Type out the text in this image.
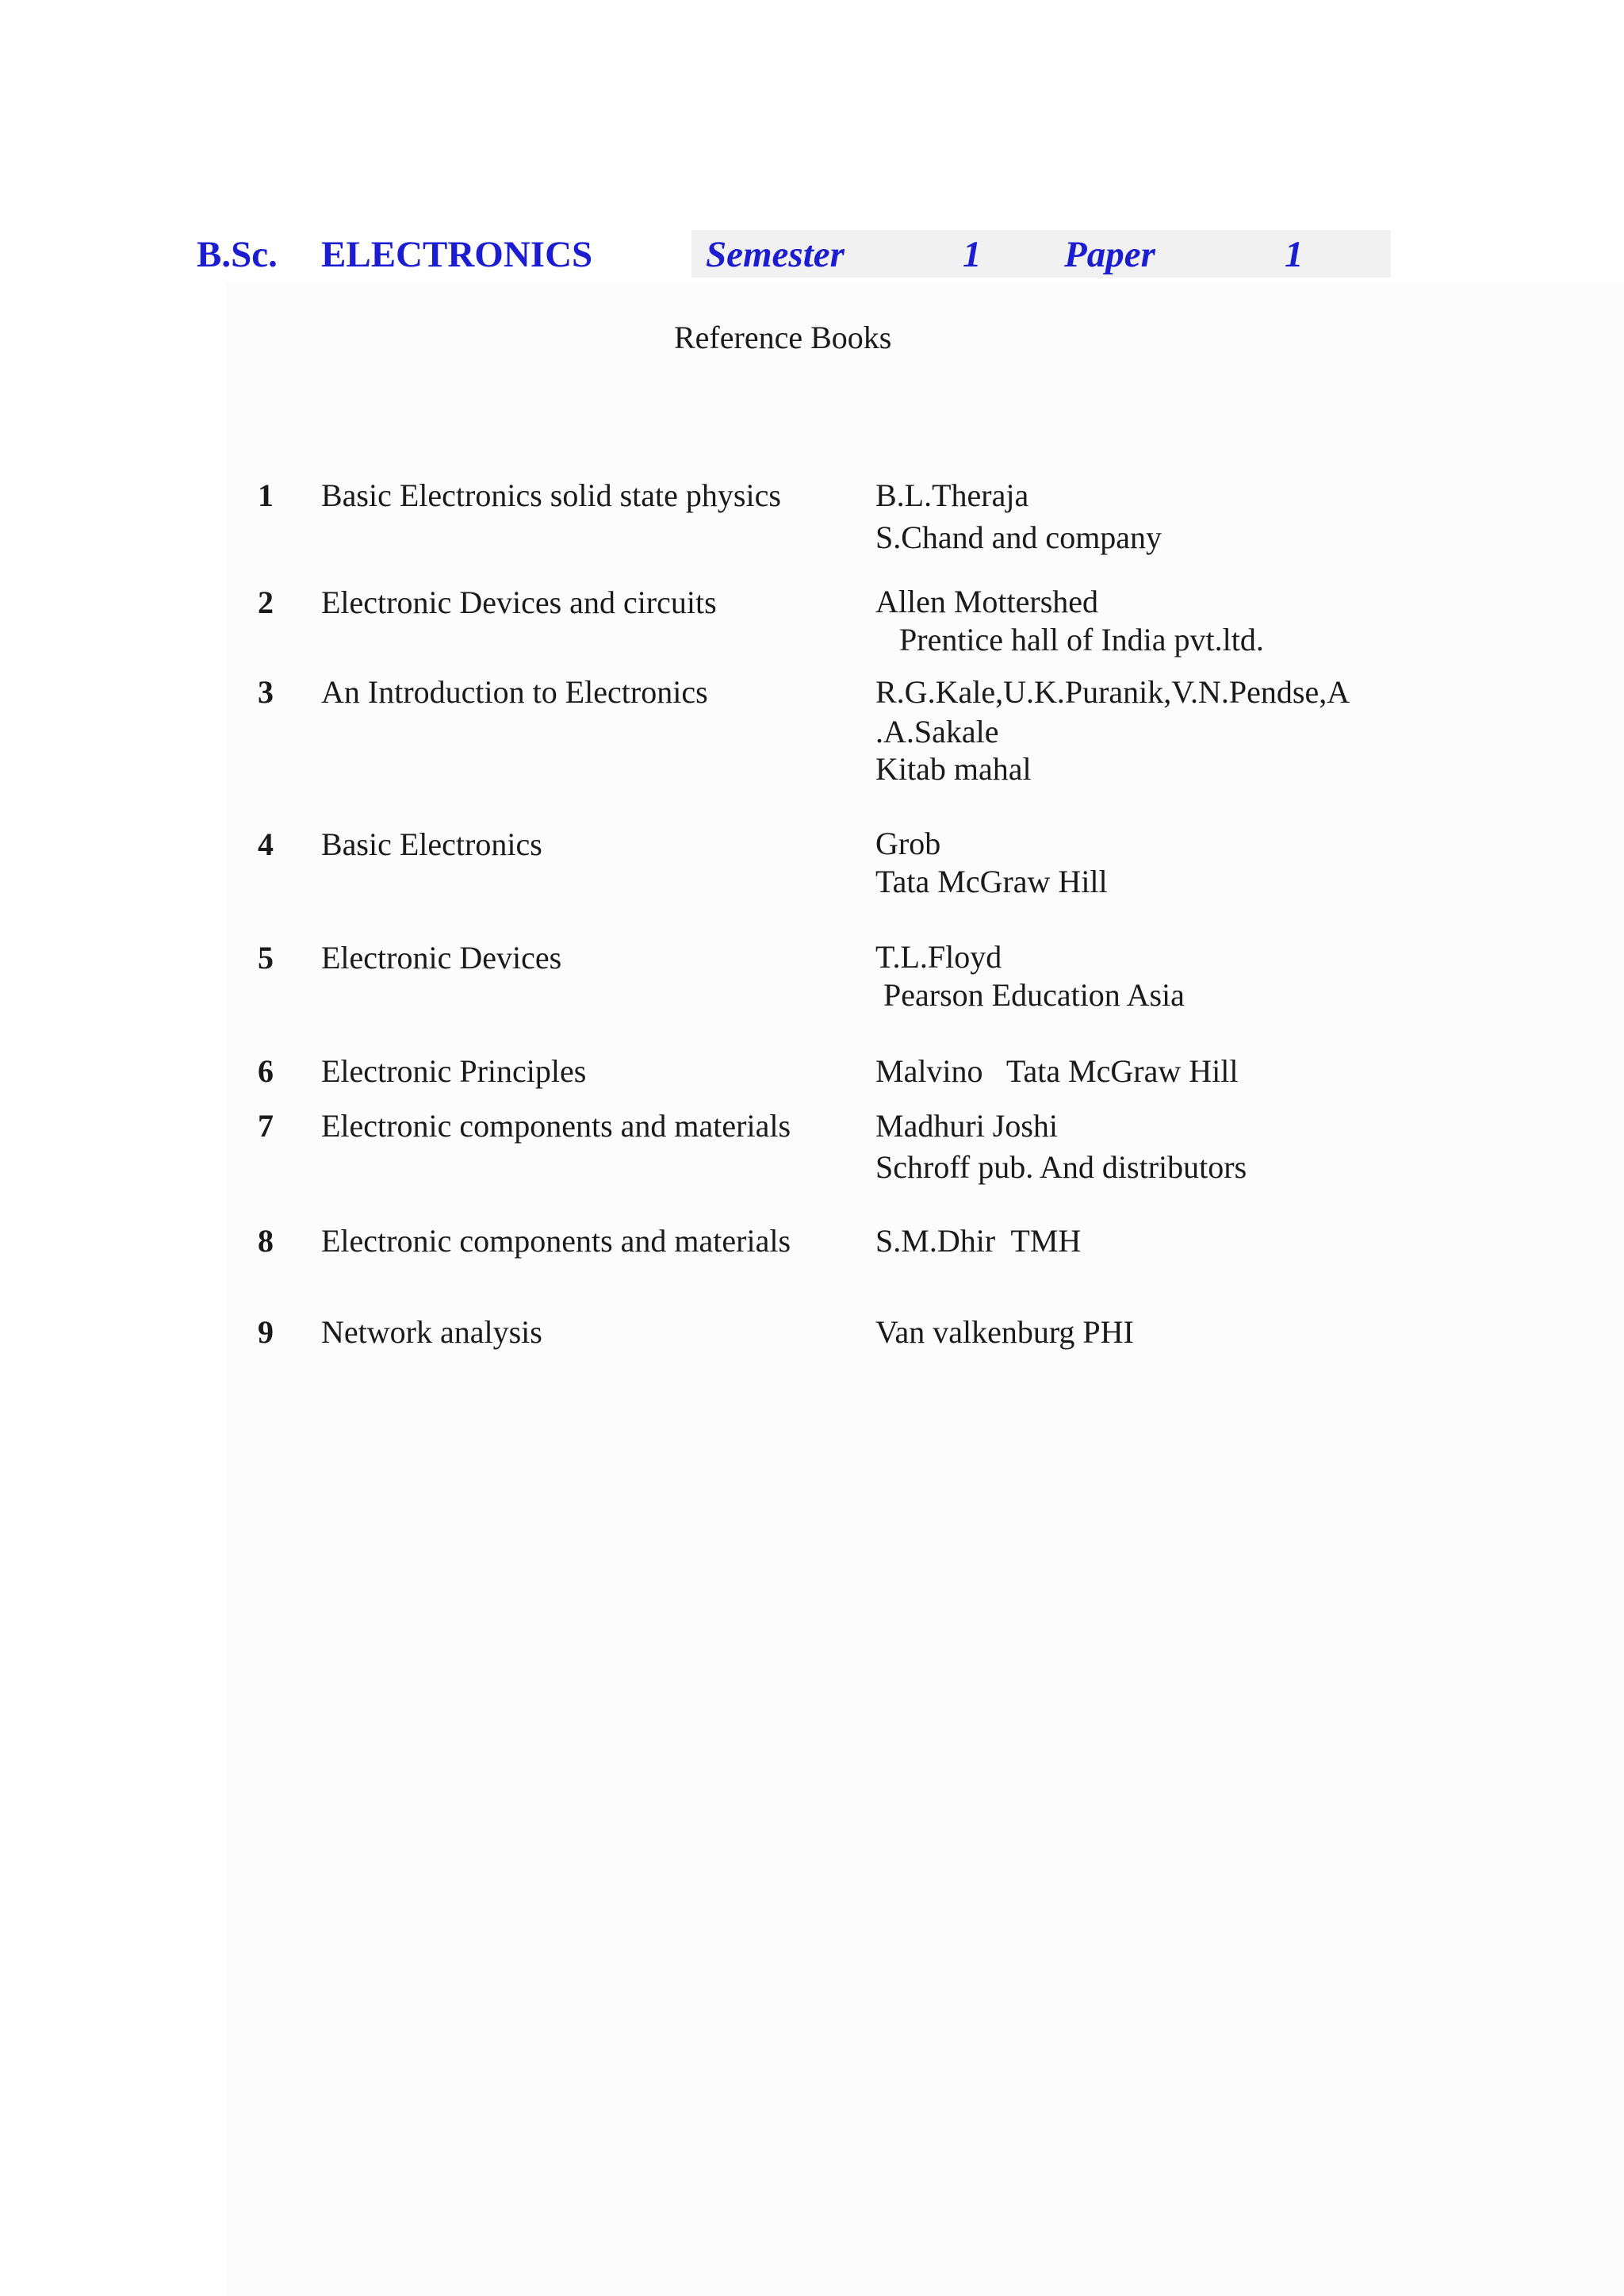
B.Sc. ELECTRONICS	Semester	1 Paper	1
Reference Books
1	Basic Electronics solid state physics	B.L.Theraja
S.Chand and company
2	Electronic Devices and circuits	Allen Mottershed
Prentice hall of India pvt.ltd.
3	An Introduction to Electronics	R.G.Kale,U.K.Puranik,V.N.Pendse,A
.A.Sakale
Kitab mahal
4	Basic Electronics	Grob
Tata McGraw Hill
5	Electronic Devices	T.L.Floyd
Pearson Education Asia
6	Electronic Principles	Malvino   Tata McGraw Hill
7	Electronic components and materials	Madhuri Joshi
Schroff pub. And distributors
8	Electronic components and materials	S.M.Dhir  TMH
9	Network analysis	Van valkenburg PHI
